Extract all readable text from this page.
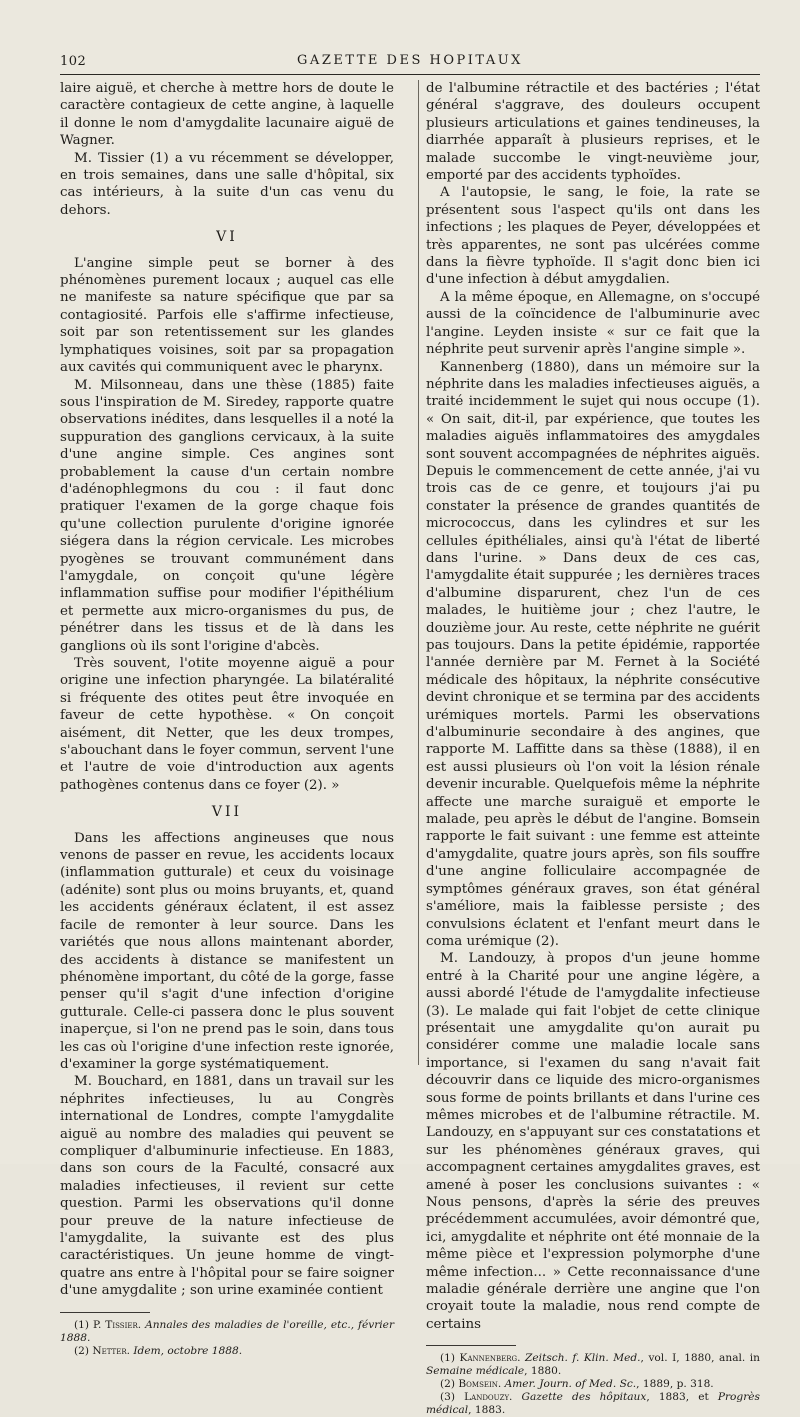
102	GAZETTE DES HOPITAUX

laire aiguë, et cherche à mettre hors de doute le caractère contagieux de cette angine, à laquelle il donne le nom d'amygdalite lacunaire aiguë de Wagner.

M. Tissier (1) a vu récemment se développer, en trois semaines, dans une salle d'hôpital, six cas intérieurs, à la suite d'un cas venu du dehors.

VI

L'angine simple peut se borner à des phénomènes purement locaux ; auquel cas elle ne manifeste sa nature spécifique que par sa contagiosité. Parfois elle s'affirme infectieuse, soit par son retentissement sur les glandes lymphatiques voisines, soit par sa propagation aux cavités qui communiquent avec le pharynx.

M. Milsonneau, dans une thèse (1885) faite sous l'inspiration de M. Siredey, rapporte quatre observations inédites, dans lesquelles il a noté la suppuration des ganglions cervicaux, à la suite d'une angine simple. Ces angines sont probablement la cause d'un certain nombre d'adénophlegmons du cou : il faut donc pratiquer l'examen de la gorge chaque fois qu'une collection purulente d'origine ignorée siégera dans la région cervicale. Les microbes pyogènes se trouvant communément dans l'amygdale, on conçoit qu'une légère inflammation suffise pour modifier l'épithélium et permette aux micro-organismes du pus, de pénétrer dans les tissus et de là dans les ganglions où ils sont l'origine d'abcès.

Très souvent, l'otite moyenne aiguë a pour origine une infection pharyngée. La bilatéralité si fréquente des otites peut être invoquée en faveur de cette hypothèse. « On conçoit aisément, dit Netter, que les deux trompes, s'abouchant dans le foyer commun, servent l'une et l'autre de voie d'introduction aux agents pathogènes contenus dans ce foyer (2). »

VII

Dans les affections angineuses que nous venons de passer en revue, les accidents locaux (inflammation gutturale) et ceux du voisinage (adénite) sont plus ou moins bruyants, et, quand les accidents généraux éclatent, il est assez facile de remonter à leur source. Dans les variétés que nous allons maintenant aborder, des accidents à distance se manifestent un phénomène important, du côté de la gorge, fasse penser qu'il s'agit d'une infection d'origine gutturale. Celle-ci passera donc le plus souvent inaperçue, si l'on ne prend pas le soin, dans tous les cas où l'origine d'une infection reste ignorée, d'examiner la gorge systématiquement.

M. Bouchard, en 1881, dans un travail sur les néphrites infectieuses, lu au Congrès international de Londres, compte l'amygdalite aiguë au nombre des maladies qui peuvent se compliquer d'albuminurie infectieuse. En 1883, dans son cours de la Faculté, consacré aux maladies infectieuses, il revient sur cette question. Parmi les observations qu'il donne pour preuve de la nature infectieuse de l'amygdalite, la suivante est des plus caractéristiques. Un jeune homme de vingt-quatre ans entre à l'hôpital pour se faire soigner d'une amygdalite ; son urine examinée contient

(1) P. Tissier. Annales des maladies de l'oreille, etc., février 1888.

(2) Netter. Idem, octobre 1888.

de l'albumine rétractile et des bactéries ; l'état général s'aggrave, des douleurs occupent plusieurs articulations et gaines tendineuses, la diarrhée apparaît à plusieurs reprises, et le malade succombe le vingt-neuvième jour, emporté par des accidents typhoïdes.

A l'autopsie, le sang, le foie, la rate se présentent sous l'aspect qu'ils ont dans les infections ; les plaques de Peyer, développées et très apparentes, ne sont pas ulcérées comme dans la fièvre typhoïde. Il s'agit donc bien ici d'une infection à début amygdalien.

A la même époque, en Allemagne, on s'occupé aussi de la coïncidence de l'albuminurie avec l'angine. Leyden insiste « sur ce fait que la néphrite peut survenir après l'angine simple ».

Kannenberg (1880), dans un mémoire sur la néphrite dans les maladies infectieuses aiguës, a traité incidemment le sujet qui nous occupe (1). « On sait, dit-il, par expérience, que toutes les maladies aiguës inflammatoires des amygdales sont souvent accompagnées de néphrites aiguës. Depuis le commencement de cette année, j'ai vu trois cas de ce genre, et toujours j'ai pu constater la présence de grandes quantités de micrococcus, dans les cylindres et sur les cellules épithéliales, ainsi qu'à l'état de liberté dans l'urine. » Dans deux de ces cas, l'amygdalite était suppurée ; les dernières traces d'albumine disparurent, chez l'un de ces malades, le huitième jour ; chez l'autre, le douzième jour. Au reste, cette néphrite ne guérit pas toujours. Dans la petite épidémie, rapportée l'année dernière par M. Fernet à la Société médicale des hôpitaux, la néphrite consécutive devint chronique et se termina par des accidents urémiques mortels. Parmi les observations d'albuminurie secondaire à des angines, que rapporte M. Laffitte dans sa thèse (1888), il en est aussi plusieurs où l'on voit la lésion rénale devenir incurable. Quelquefois même la néphrite affecte une marche suraiguë et emporte le malade, peu après le début de l'angine. Bomsein rapporte le fait suivant : une femme est atteinte d'amygdalite, quatre jours après, son fils souffre d'une angine folliculaire accompagnée de symptômes généraux graves, son état général s'améliore, mais la faiblesse persiste ; des convulsions éclatent et l'enfant meurt dans le coma urémique (2).

M. Landouzy, à propos d'un jeune homme entré à la Charité pour une angine légère, a aussi abordé l'étude de l'amygdalite infectieuse (3). Le malade qui fait l'objet de cette clinique présentait une amygdalite qu'on aurait pu considérer comme une maladie locale sans importance, si l'examen du sang n'avait fait découvrir dans ce liquide des micro-organismes sous forme de points brillants et dans l'urine ces mêmes microbes et de l'albumine rétractile. M. Landouzy, en s'appuyant sur ces constatations et sur les phénomènes généraux graves, qui accompagnent certaines amygdalites graves, est amené à poser les conclusions suivantes : « Nous pensons, d'après la série des preuves précédemment accumulées, avoir démontré que, ici, amygdalite et néphrite ont été monnaie de la même pièce et l'expression polymorphe d'une même infection... » Cette reconnaissance d'une maladie générale derrière une angine que l'on croyait toute la maladie, nous rend compte de certains

(1) Kannenberg. Zeitsch. f. Klin. Med., vol. I, 1880, anal. in Semaine médicale, 1880.

(2) Bomsein. Amer. Journ. of Med. Sc., 1889, p. 318.

(3) Landouzy. Gazette des hôpitaux, 1883, et Progrès médical, 1883.
